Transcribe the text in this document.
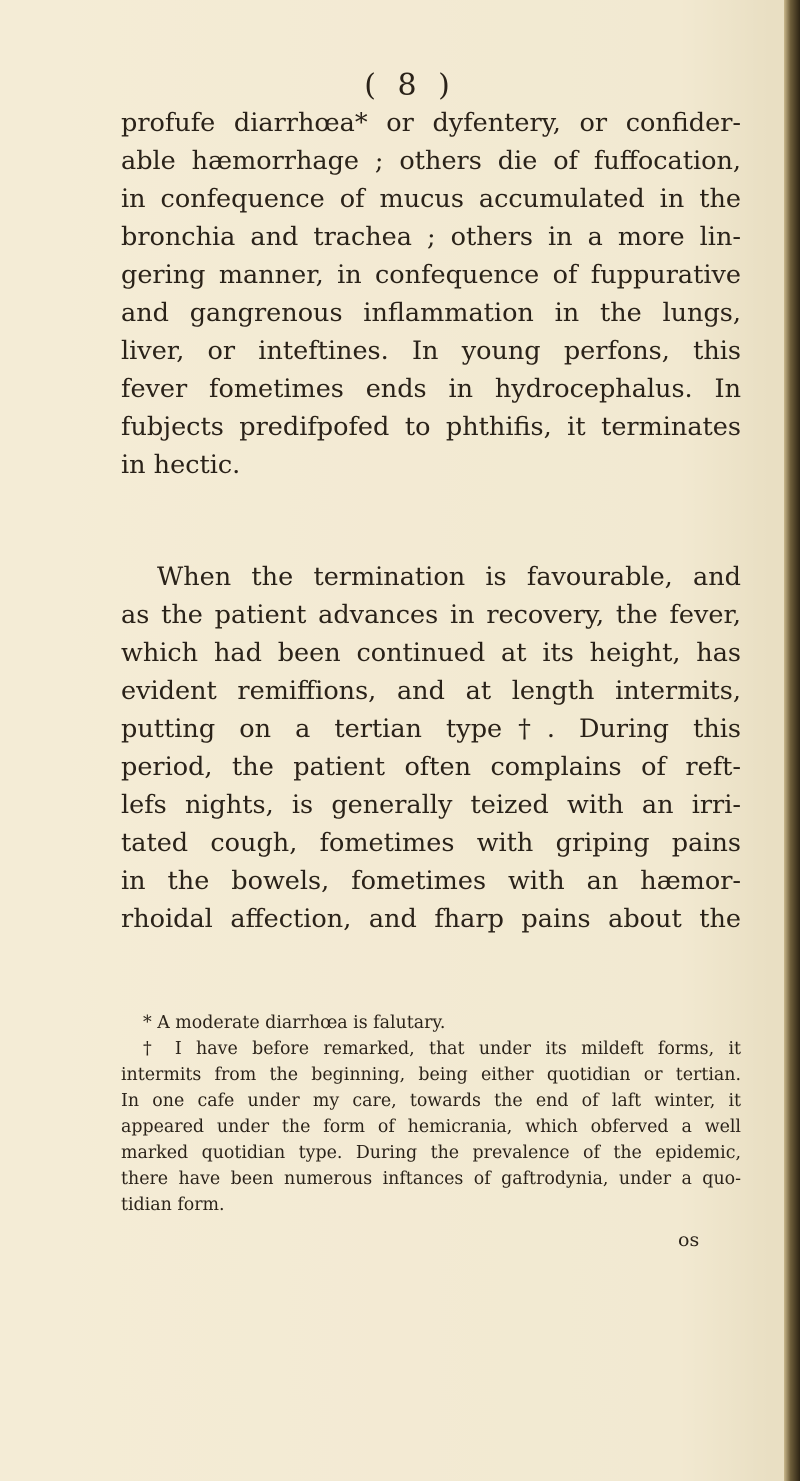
( 8 )

profufe diarrhœa* or dyfentery, or confider-
able hæmorrhage ; others die of fuffocation,
in confequence of mucus accumulated in the
bronchia and trachea ; others in a more lin-
gering manner, in confequence of fuppurative
and gangrenous inflammation in the lungs,
liver, or inteftines. In young perfons, this
fever fometimes ends in hydrocephalus. In
fubjects predifpofed to phthifis, it terminates
in hectic.

When the termination is favourable, and
as the patient advances in recovery, the fever,
which had been continued at its height, has
evident remiffions, and at length intermits,
putting on a tertian type†. During this
period, the patient often complains of reft-
lefs nights, is generally teized with an irri-
tated cough, fometimes with griping pains
in the bowels, fometimes with an hæmor-
rhoidal affection, and fharp pains about the

* A moderate diarrhœa is falutary.
† I have before remarked, that under its mildeft forms, it
intermits from the beginning, being either quotidian or tertian.
In one cafe under my care, towards the end of laft winter, it
appeared under the form of hemicrania, which obferved a well
marked quotidian type. During the prevalence of the epidemic,
there have been numerous inftances of gaftrodynia, under a quo-
tidian form.
os
